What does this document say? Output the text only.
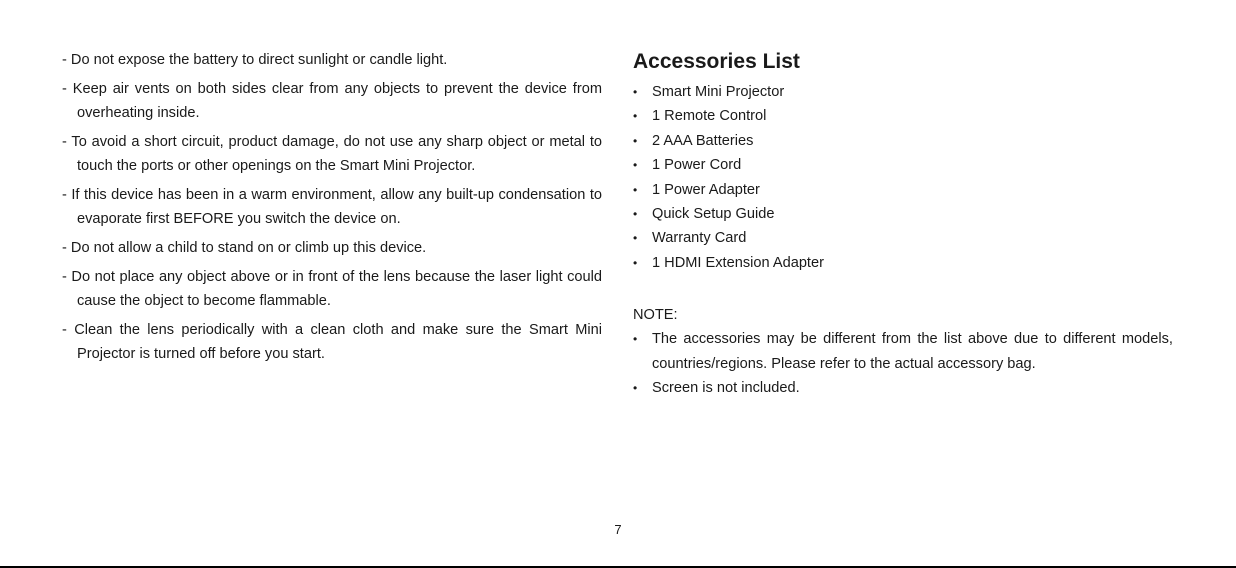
- Do not expose the battery to direct sunlight or candle light.

- Keep air vents on both sides clear from any objects to prevent the device from overheating inside.

- To avoid a short circuit, product damage, do not use any sharp object or metal to touch the ports or other openings on the Smart Mini Projector.

- If this device has been in a warm environment, allow any built-up condensation to evaporate first BEFORE you switch the device on.

- Do not allow a child to stand on or climb up this device.

- Do not place any object above or in front of the lens because the laser light could cause the object to become flammable.

- Clean the lens periodically with a clean cloth and make sure the Smart Mini Projector is turned off before you start.

Accessories List
• Smart Mini Projector
• 1 Remote Control
• 2 AAA Batteries
• 1 Power Cord
• 1 Power Adapter
• Quick Setup Guide
• Warranty Card
• 1 HDMI Extension Adapter

NOTE:

• The accessories may be different from the list above due to different models, countries/regions. Please refer to the actual accessory bag.
• Screen is not included.
7
